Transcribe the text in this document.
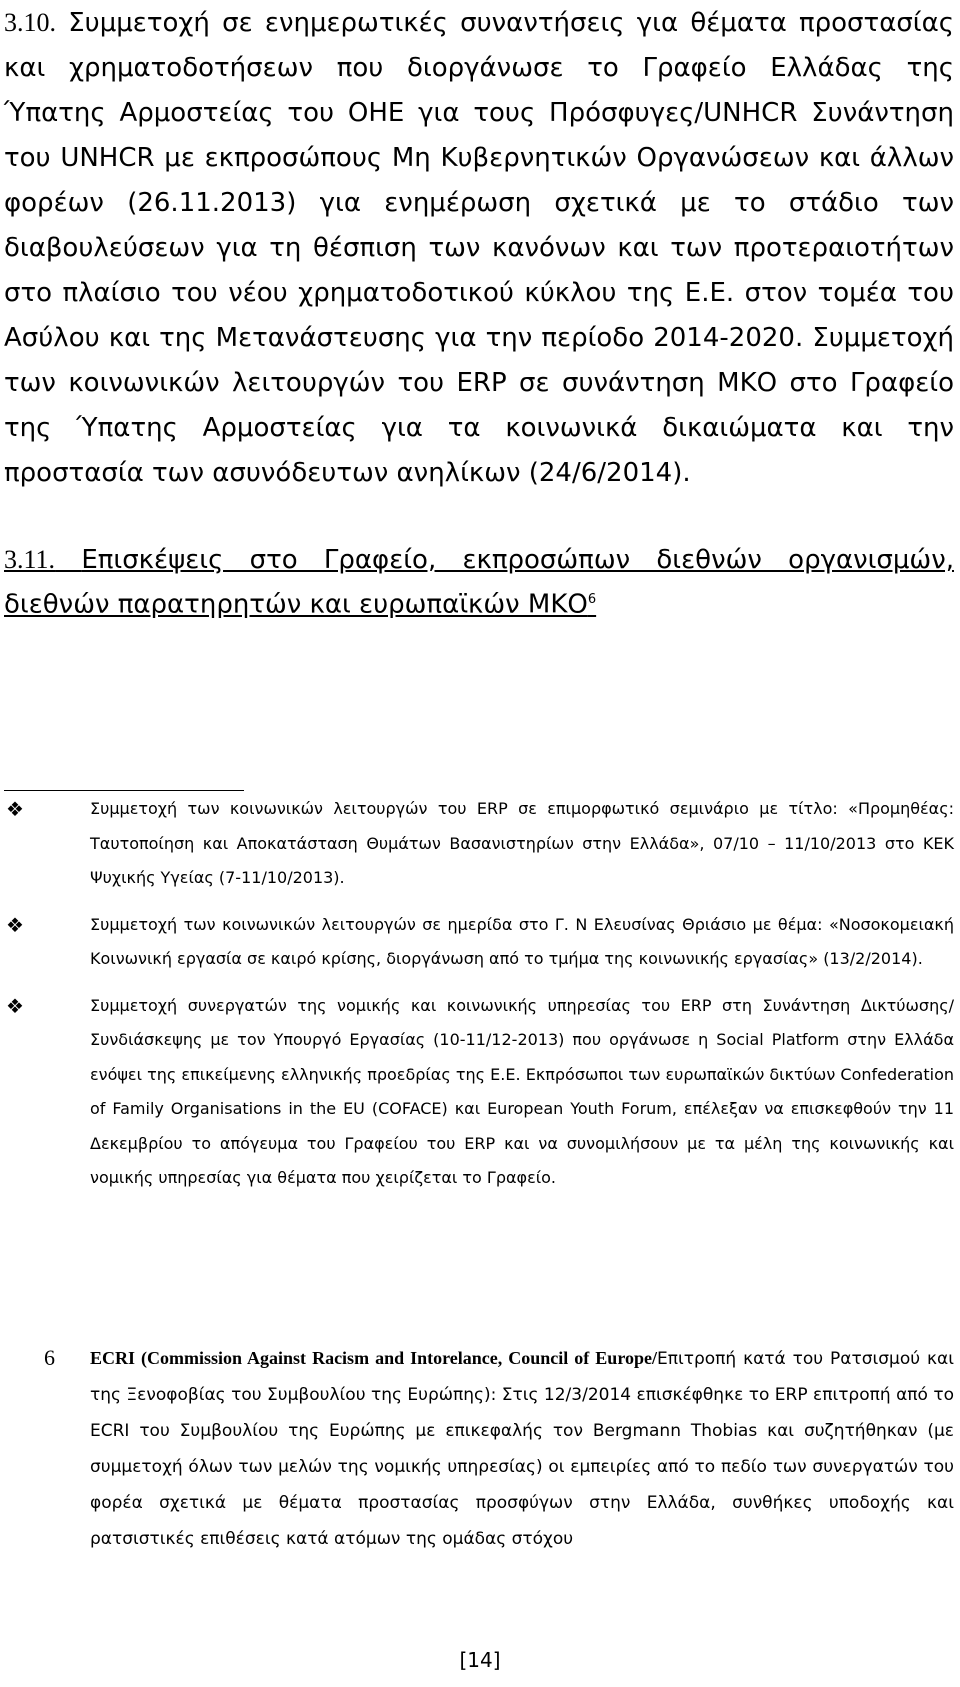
3.10. Συμμετοχή σε ενημερωτικές συναντήσεις για θέματα προστασίας και χρηματοδοτήσεων που διοργάνωσε το Γραφείο Ελλάδας της Ύπατης Αρμοστείας του ΟΗΕ για τους Πρόσφυγες/UNHCR Συνάντηση του UNHCR με εκπροσώπους Μη Κυβερνητικών Οργανώσεων και άλλων φορέων (26.11.2013) για ενημέρωση σχετικά με το στάδιο των διαβουλεύσεων για τη θέσπιση των κανόνων και των προτεραιοτήτων στο πλαίσιο του νέου χρηματοδοτικού κύκλου της Ε.Ε. στον τομέα του Ασύλου και της Μετανάστευσης για την περίοδο 2014-2020. Συμμετοχή των κοινωνικών λειτουργών του ERP σε συνάντηση ΜΚΟ στο Γραφείο της Ύπατης Αρμοστείας για τα κοινωνικά δικαιώματα και την προστασία των ασυνόδευτων ανηλίκων (24/6/2014).

3.11. Επισκέψεις στο Γραφείο, εκπροσώπων διεθνών οργανισμών, διεθνών παρατηρητών και ευρωπαϊκών ΜΚΟ$^6$

❖	Συμμετοχή των κοινωνικών λειτουργών του ERP σε επιμορφωτικό σεμινάριο με τίτλο: «Προμηθέας: Ταυτοποίηση και Αποκατάσταση Θυμάτων Βασανιστηρίων στην Ελλάδα», 07/10 – 11/10/2013 στο ΚΕΚ Ψυχικής Υγείας (7-11/10/2013).
❖	Συμμετοχή των κοινωνικών λειτουργών σε ημερίδα στο Γ. Ν Ελευσίνας Θριάσιο με θέμα: «Νοσοκομειακή Κοινωνική εργασία σε καιρό κρίσης, διοργάνωση από το τμήμα της κοινωνικής εργασίας» (13/2/2014).
❖	Συμμετοχή συνεργατών της νομικής και κοινωνικής υπηρεσίας του ERP στη Συνάντηση Δικτύωσης/Συνδιάσκεψης με τον Υπουργό Εργασίας (10-11/12-2013) που οργάνωσε η Social Platform στην Ελλάδα ενόψει της επικείμενης ελληνικής προεδρίας της Ε.Ε. Εκπρόσωποι των ευρωπαϊκών δικτύων Confederation of Family Organisations in the EU (COFACE) και European Youth Forum, επέλεξαν να επισκεφθούν την 11 Δεκεμβρίου το απόγευμα του Γραφείου του ERP και να συνομιλήσουν με τα μέλη της κοινωνικής και νομικής υπηρεσίας για θέματα που χειρίζεται το Γραφείο.
6	ECRI (Commission Against Racism and Intorelance, Council of Europe/Επιτροπή κατά του Ρατσισμού και της Ξενοφοβίας του Συμβουλίου της Ευρώπης): Στις 12/3/2014 επισκέφθηκε το ERP επιτροπή από το ECRI του Συμβουλίου της Ευρώπης με επικεφαλής τον Bergmann Thobias και συζητήθηκαν (με συμμετοχή όλων των μελών της νομικής υπηρεσίας) οι εμπειρίες από το πεδίο των συνεργατών του φορέα σχετικά με θέματα προστασίας προσφύγων στην Ελλάδα, συνθήκες υποδοχής και ρατσιστικές επιθέσεις κατά ατόμων της ομάδας στόχου
[14]
